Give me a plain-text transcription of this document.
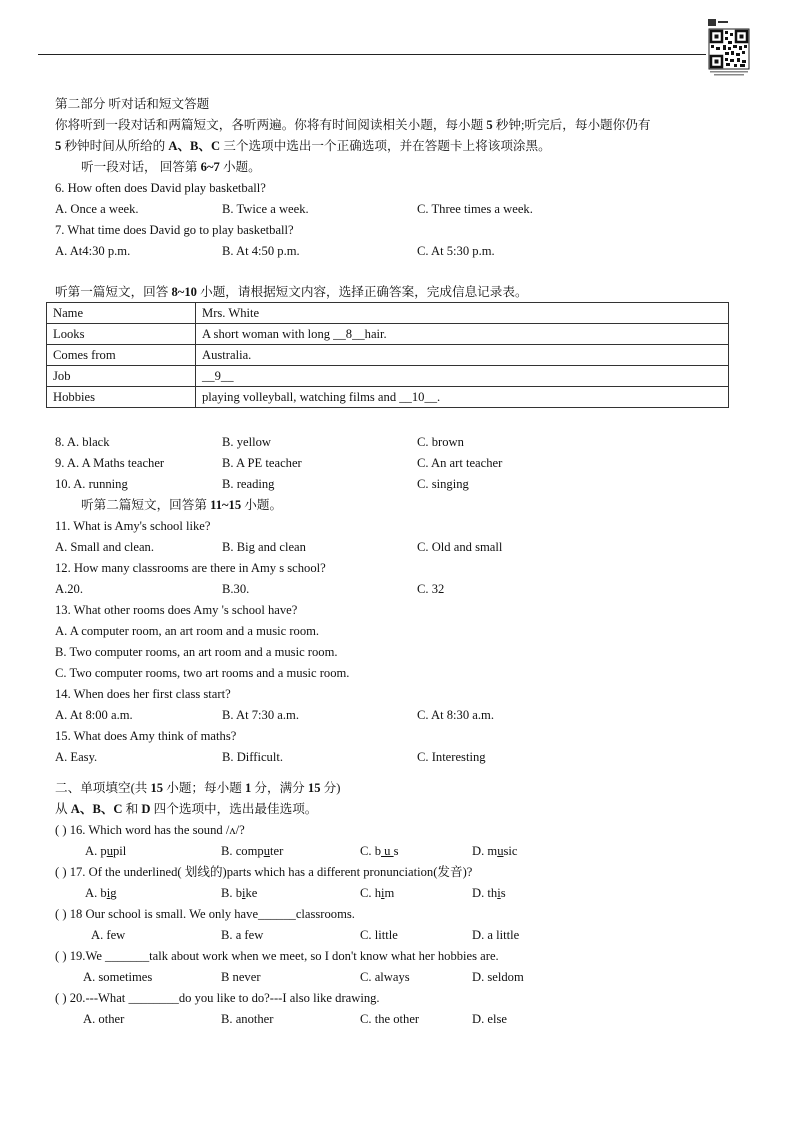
第二部分 听对话和短文答题
你将听到一段对话和两篇短文，各听两遍。你将有时间阅读相关小题，每小题 5 秒钟;听完后，每小题你仍有
5 秒钟时间从所给的 A、B、C 三个选项中选出一个正确选项，并在答题卡上将该项涂黑。
听一段对话， 回答第 6~7 小题。
6. How often does David play basketball?
A. Once a week.	B. Twice a week.	C. Three times a week.
7. What time does David go to play basketball?
A. At4:30 p.m.	B. At 4:50 p.m.	C. At 5:30 p.m.
听第一篇短文，回答 8~10 小题，请根据短文内容，选择正确答案，完成信息记录表。
Name	Mrs. White
Looks	A short woman with long __8__hair.
Comes from	Australia.
Job	__9__
Hobbies	playing volleyball, watching films and __10__.
8. A. black	B. yellow	C. brown
9. A. A Maths teacher	B. A PE teacher	C. An art teacher
10. A. running	B. reading	C. singing
听第二篇短文，回答第 11~15 小题。
11. What is Amy's school like?
A. Small and clean.	B. Big and clean	C. Old and small
12. How many classrooms are there in Amy s school?
A.20.	B.30.	C. 32
13. What other rooms does Amy 's school have?
A. A computer room, an art room and a music room.
B. Two computer rooms, an art room and a music room.
C. Two computer rooms, two art rooms and a music room.
14. When does her first class start?
A. At 8:00 a.m.	B. At 7:30 a.m.	C. At 8:30 a.m.
15. What does Amy think of maths?
A. Easy.	B. Difficult.	C. Interesting
二、单项填空(共 15 小题；每小题 1 分，满分 15 分)
从 A、B、C 和 D 四个选项中，选出最佳选项。
( ) 16. Which word has the sound /ʌ/?
A. pupil	B. computer	C. b u s	D. music
( ) 17. Of the underlined( 划线的)parts which has a different pronunciation(发音)?
A. big	B. bike	C. him	D. this
( ) 18 Our school is small. We only have______classrooms.
A. few	B. a few	C. little	D. a little
( ) 19.We _______talk about work when we meet, so I don't know what her hobbies are.
A. sometimes	B never	C. always	D. seldom
( ) 20.---What ________do you like to do?---I also like drawing.
A. other	B. another	C. the other	D. else
